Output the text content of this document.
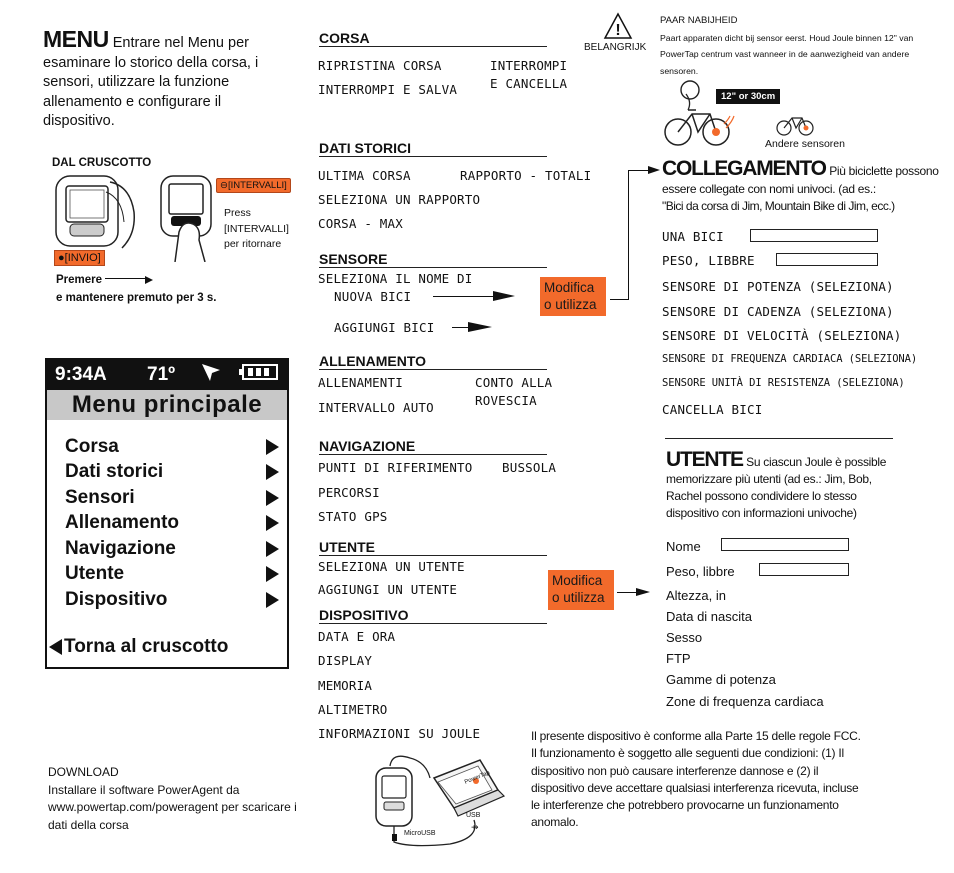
MENU Entrare nel Menu per
esaminare lo storico della corsa, i
sensori, utilizzare la funzione
allenamento e configurare il
dispositivo.
DAL CRUSCOTTO
⊖[INTERVALLI]
Press
[INTERVALLI]
per ritornare
●[INVIO]
Premere
e mantenere premuto per 3 s.
9:34A	71º
Menu principale
Corsa
Dati storici
Sensori
Allenamento
Navigazione
Utente
Dispositivo
Torna al cruscotto
DOWNLOAD
Installare il software PowerAgent da
www.powertap.com/poweragent per scaricare i
dati della corsa
PowerTap
USB
⇸
MicroUSB
CORSA
RIPRISTINA CORSA
INTERROMPI E SALVA
INTERROMPI
E CANCELLA
DATI STORICI
ULTIMA CORSA	RAPPORTO - TOTALI
SELEZIONA UN RAPPORTO
CORSA - MAX
SENSORE
SELEZIONA IL NOME DI
NUOVA BICI
AGGIUNGI BICI
Modifica
o utilizza
ALLENAMENTO
ALLENAMENTI
INTERVALLO AUTO
CONTO ALLA
ROVESCIA
NAVIGAZIONE
PUNTI DI RIFERIMENTO BUSSOLA
PERCORSI
STATO GPS
UTENTE
SELEZIONA UN UTENTE
AGGIUNGI UN UTENTE
Modifica
o utilizza
DISPOSITIVO
DATA E ORA
DISPLAY
MEMORIA
ALTIMETRO
INFORMAZIONI SU JOULE
!
BELANGRIJK
PAAR NABIJHEID
Paart apparaten dicht bij sensor eerst. Houd Joule binnen 12" van
PowerTap centrum vast wanneer in de aanwezigheid van andere
sensoren.
12" or 30cm
Andere sensoren
COLLEGAMENTO Più biciclette possono
essere collegate con nomi univoci. (ad es.:
"Bici da corsa di Jim, Mountain Bike di Jim, ecc.)
UNA BICI
PESO, LIBBRE
SENSORE DI POTENZA (SELEZIONA)
SENSORE DI CADENZA (SELEZIONA)
SENSORE DI VELOCITÀ (SELEZIONA)
SENSORE DI FREQUENZA CARDIACA (SELEZIONA)
SENSORE UNITÀ DI RESISTENZA (SELEZIONA)
CANCELLA BICI
UTENTE Su ciascun Joule è possible
memorizzare più utenti (ad es.: Jim, Bob,
Rachel possono condividere lo stesso
dispositivo con informazioni univoche)
Nome
Peso, libbre
Altezza, in
Data di nascita
Sesso
FTP
Gamme di potenza
Zone di frequenza cardiaca
Il presente dispositivo è conforme alla Parte 15 delle regole FCC.
Il funzionamento è soggetto alle seguenti due condizioni: (1) Il
dispositivo non può causare interferenze dannose e (2) il
dispositivo deve accettare qualsiasi interferenza ricevuta, incluse
le interferenze che potrebbero provocarne un funzionamento
anomalo.
